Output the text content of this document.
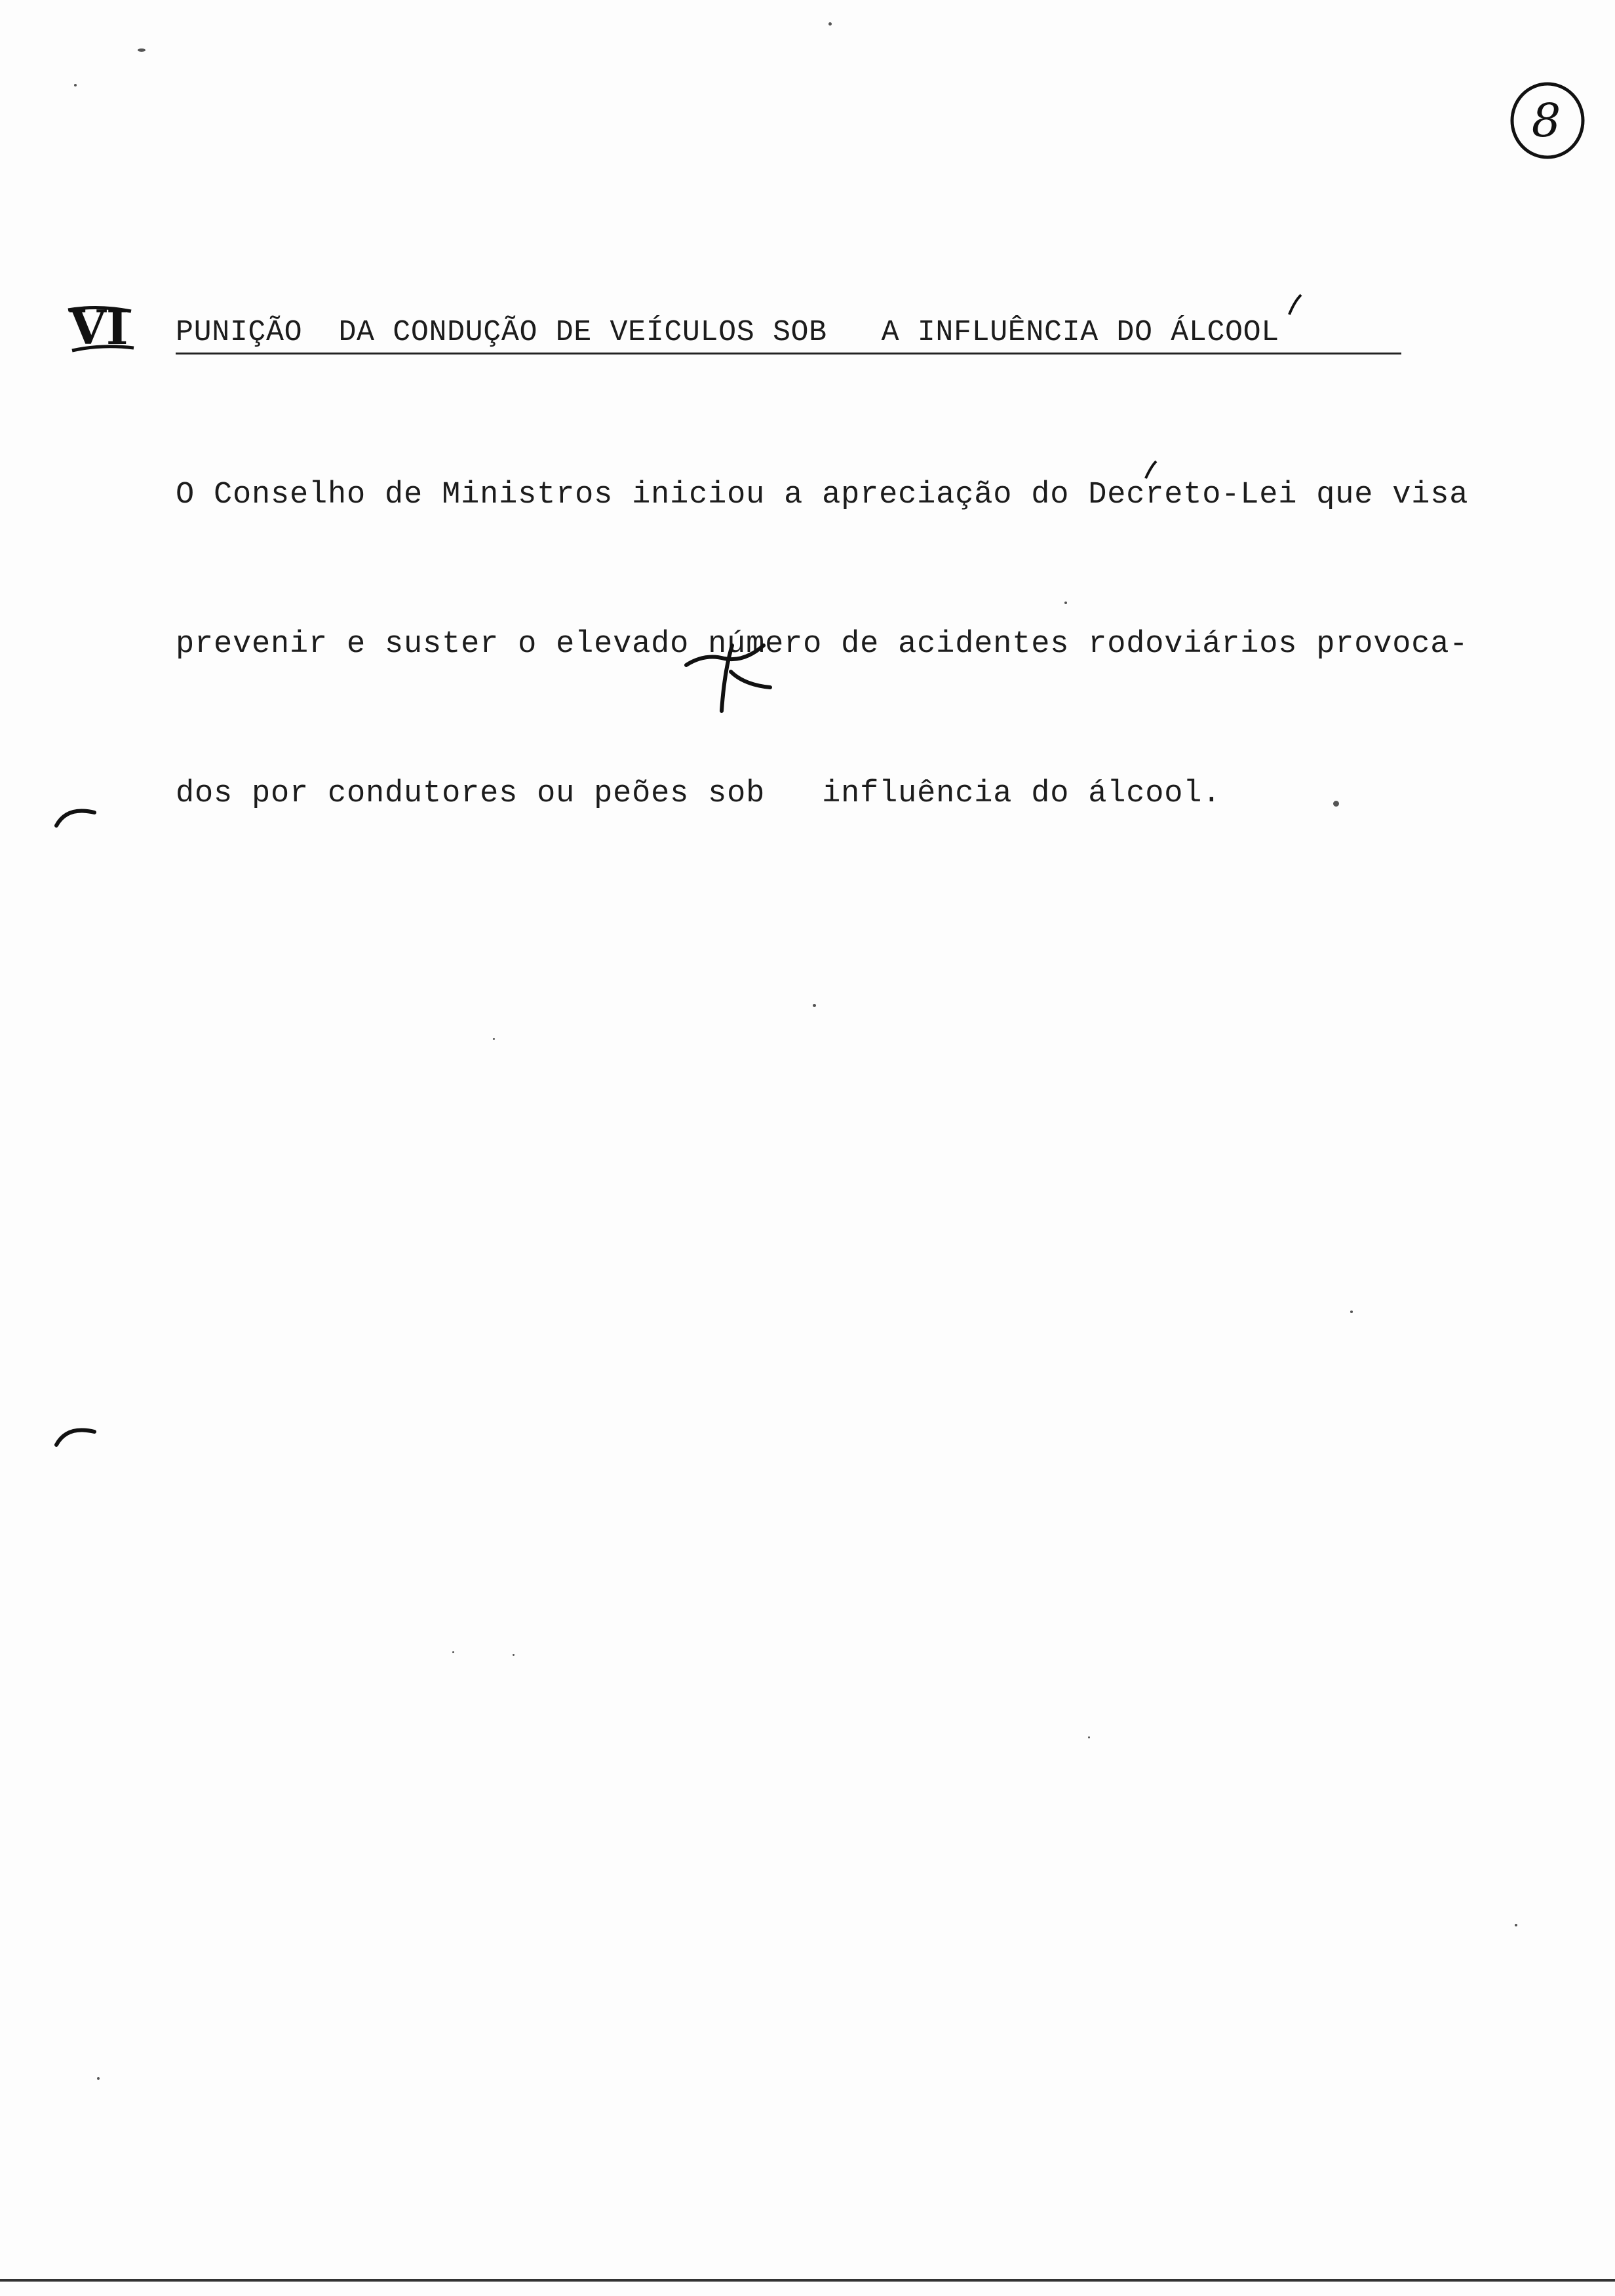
8
VI PUNIÇÃO  DA CONDUÇÃO DE VEÍCULOS SOB   A INFLUÊNCIA DO ÁLCOOL

O Conselho de Ministros iniciou a apreciação do Decreto-Lei que visa

prevenir e suster o elevado número de acidentes rodoviários provoca-

dos por condutores ou peões sob   influência do álcool.
